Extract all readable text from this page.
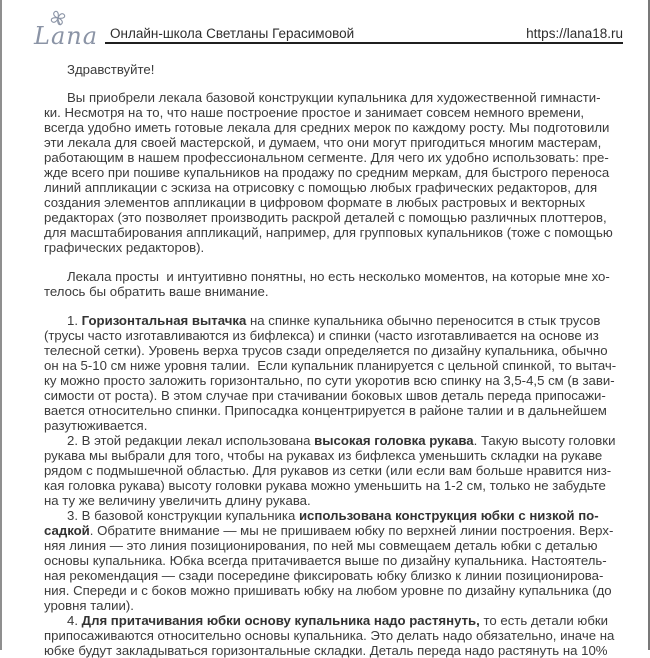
Lana Онлайн-школа Светланы Герасимовой	https://lana18.ru
Здравствуйте!
Вы приобрели лекала базовой конструкции купальника для художественной гимнасти-
ки. Несмотря на то, что наше построение простое и занимает совсем немного времени,
всегда удобно иметь готовые лекала для средних мерок по каждому росту. Мы подготовили
эти лекала для своей мастерской, и думаем, что они могут пригодиться многим мастерам,
работающим в нашем профессиональном сегменте. Для чего их удобно использовать: пре-
жде всего при пошиве купальников на продажу по средним меркам, для быстрого переноса
линий аппликации с эскиза на отрисовку с помощью любых графических редакторов, для
создания элементов аппликации в цифровом формате в любых растровых и векторных
редакторах (это позволяет производить раскрой деталей с помощью различных плоттеров,
для масштабирования аппликаций, например, для групповых купальников (тоже с помощью
графических редакторов).
Лекала просты  и интуитивно понятны, но есть несколько моментов, на которые мне хо-
телось бы обратить ваше внимание.
1. Горизонтальная вытачка на спинке купальника обычно переносится в стык трусов
(трусы часто изготавливаются из бифлекса) и спинки (часто изготавливается на основе из
телесной сетки). Уровень верха трусов сзади определяется по дизайну купальника, обычно
он на 5-10 см ниже уровня талии.  Если купальник планируется с цельной спинкой, то вытач-
ку можно просто заложить горизонтально, по сути укоротив всю спинку на 3,5-4,5 см (в зави-
симости от роста). В этом случае при стачивании боковых швов деталь переда припосажи-
вается относительно спинки. Припосадка концентрируется в районе талии и в дальнейшем
разутюживается.
2. В этой редакции лекал использована высокая головка рукава. Такую высоту головки
рукава мы выбрали для того, чтобы на рукавах из бифлекса уменьшить складки на рукаве
рядом с подмышечной областью. Для рукавов из сетки (или если вам больше нравится низ-
кая головка рукава) высоту головки рукава можно уменьшить на 1-2 см, только не забудьте
на ту же величину увеличить длину рукава.
3. В базовой конструкции купальника использована конструкция юбки с низкой по-
садкой. Обратите внимание — мы не пришиваем юбку по верхней линии построения. Верх-
няя линия — это линия позиционирования, по ней мы совмещаем деталь юбки с деталью
основы купальника. Юбка всегда притачивается выше по дизайну купальника. Настоятель-
ная рекомендация — сзади посередине фиксировать юбку близко к линии позиционирова-
ния. Спереди и с боков можно пришивать юбку на любом уровне по дизайну купальника (до
уровня талии).
4. Для притачивания юбки основу купальника надо растянуть, то есть детали юбки
припосаживаются относительно основы купальника. Это делать надо обязательно, иначе на
юбке будут закладываться горизонтальные складки. Деталь переда надо растянуть на 10%
